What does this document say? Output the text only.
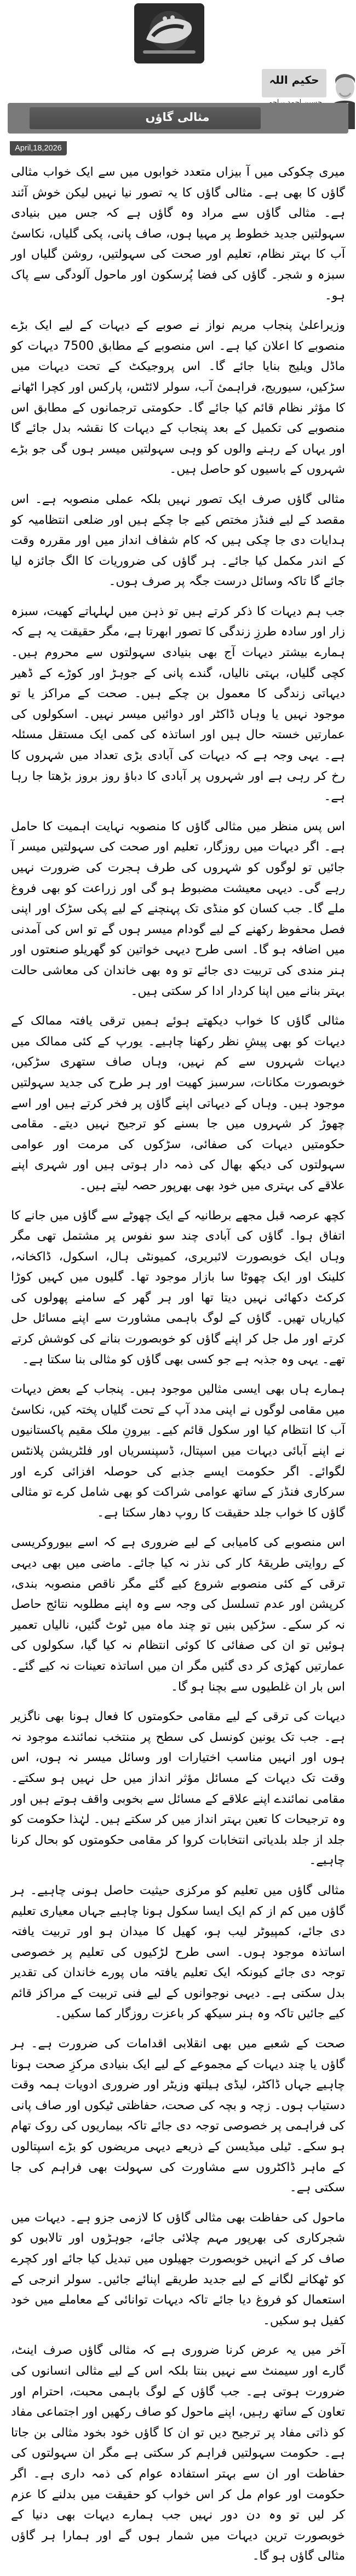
حکیم اللہ
مثالی گاؤں
April,18,2026

میری چکوکی میں آ بیزاں متعدد خوابوں میں سے ایک خواب مثالی گاؤں کا بھی ہے۔ مثالی گاؤں کا یہ تصور نیا نہیں لیکن خوش آئند ہے۔ مثالی گاؤں سے مراد وہ گاؤں ہے کہ جس میں بنیادی سہولتیں جدید خطوط پر مہیا ہوں، صاف پانی، پکی گلیاں، نکاسیٔ آب کا بہتر نظام، تعلیم اور صحت کی سہولتیں، روشن گلیاں اور سبزہ و شجر۔ گاؤں کی فضا پُرسکون اور ماحول آلودگی سے پاک ہو۔

وزیراعلیٰ پنجاب مریم نواز نے صوبے کے دیہات کے لیے ایک بڑے منصوبے کا اعلان کیا ہے۔ اس منصوبے کے مطابق 7500 دیہات کو ماڈل ویلیج بنایا جائے گا۔ اس پروجیکٹ کے تحت دیہات میں سڑکیں، سیوریج، فراہمیٔ آب، سولر لائٹس، پارکس اور کچرا اٹھانے کا مؤثر نظام قائم کیا جائے گا۔ حکومتی ترجمانوں کے مطابق اس منصوبے کی تکمیل کے بعد پنجاب کے دیہات کا نقشہ بدل جائے گا اور یہاں کے رہنے والوں کو وہی سہولتیں میسر ہوں گی جو بڑے شہروں کے باسیوں کو حاصل ہیں۔

مثالی گاؤں صرف ایک تصور نہیں بلکہ عملی منصوبہ ہے۔ اس مقصد کے لیے فنڈز مختص کیے جا چکے ہیں اور ضلعی انتظامیہ کو ہدایات دی جا چکی ہیں کہ کام شفاف انداز میں اور مقررہ وقت کے اندر مکمل کیا جائے۔ ہر گاؤں کی ضروریات کا الگ جائزہ لیا جائے گا تاکہ وسائل درست جگہ پر صرف ہوں۔

جب ہم دیہات کا ذکر کرتے ہیں تو ذہن میں لہلہاتے کھیت، سبزہ زار اور سادہ طرزِ زندگی کا تصور ابھرتا ہے، مگر حقیقت یہ ہے کہ ہمارے بیشتر دیہات آج بھی بنیادی سہولتوں سے محروم ہیں۔ کچی گلیاں، بہتی نالیاں، گندے پانی کے جوہڑ اور کوڑے کے ڈھیر دیہاتی زندگی کا معمول بن چکے ہیں۔ صحت کے مراکز یا تو موجود نہیں یا وہاں ڈاکٹر اور دوائیں میسر نہیں۔ اسکولوں کی عمارتیں خستہ حال ہیں اور اساتذہ کی کمی ایک مستقل مسئلہ ہے۔ یہی وجہ ہے کہ دیہات کی آبادی بڑی تعداد میں شہروں کا رخ کر رہی ہے اور شہروں پر آبادی کا دباؤ روز بروز بڑھتا جا رہا ہے۔

اس پس منظر میں مثالی گاؤں کا منصوبہ نہایت اہمیت کا حامل ہے۔ اگر دیہات میں روزگار، تعلیم اور صحت کی سہولتیں میسر آ جائیں تو لوگوں کو شہروں کی طرف ہجرت کی ضرورت نہیں رہے گی۔ دیہی معیشت مضبوط ہو گی اور زراعت کو بھی فروغ ملے گا۔ جب کسان کو منڈی تک پہنچنے کے لیے پکی سڑک اور اپنی فصل محفوظ رکھنے کے لیے گودام میسر ہوں گے تو اس کی آمدنی میں اضافہ ہو گا۔ اسی طرح دیہی خواتین کو گھریلو صنعتوں اور ہنر مندی کی تربیت دی جائے تو وہ بھی خاندان کی معاشی حالت بہتر بنانے میں اپنا کردار ادا کر سکتی ہیں۔

مثالی گاؤں کا خواب دیکھتے ہوئے ہمیں ترقی یافتہ ممالک کے دیہات کو بھی پیشِ نظر رکھنا چاہیے۔ یورپ کے کئی ممالک میں دیہات شہروں سے کم نہیں، وہاں صاف ستھری سڑکیں، خوبصورت مکانات، سرسبز کھیت اور ہر طرح کی جدید سہولتیں موجود ہیں۔ وہاں کے دیہاتی اپنے گاؤں پر فخر کرتے ہیں اور اسے چھوڑ کر شہروں میں جا بسنے کو ترجیح نہیں دیتے۔ مقامی حکومتیں دیہات کی صفائی، سڑکوں کی مرمت اور عوامی سہولتوں کی دیکھ بھال کی ذمہ دار ہوتی ہیں اور شہری اپنے علاقے کی بہتری میں خود بھی بھرپور حصہ لیتے ہیں۔

کچھ عرصہ قبل مجھے برطانیہ کے ایک چھوٹے سے گاؤں میں جانے کا اتفاق ہوا۔ گاؤں کی آبادی چند سو نفوس پر مشتمل تھی مگر وہاں ایک خوبصورت لائبریری، کمیونٹی ہال، اسکول، ڈاکخانہ، کلینک اور ایک چھوٹا سا بازار موجود تھا۔ گلیوں میں کہیں کوڑا کرکٹ دکھائی نہیں دیتا تھا اور ہر گھر کے سامنے پھولوں کی کیاریاں تھیں۔ گاؤں کے لوگ باہمی مشاورت سے اپنے مسائل حل کرتے اور مل جل کر اپنے گاؤں کو خوبصورت بنانے کی کوشش کرتے تھے۔ یہی وہ جذبہ ہے جو کسی بھی گاؤں کو مثالی بنا سکتا ہے۔

ہمارے ہاں بھی ایسی مثالیں موجود ہیں۔ پنجاب کے بعض دیہات میں مقامی لوگوں نے اپنی مدد آپ کے تحت گلیاں پختہ کیں، نکاسیٔ آب کا انتظام کیا اور سکول قائم کیے۔ بیرونِ ملک مقیم پاکستانیوں نے اپنے آبائی دیہات میں اسپتال، ڈسپنسریاں اور فلٹریشن پلانٹس لگوائے۔ اگر حکومت ایسے جذبے کی حوصلہ افزائی کرے اور سرکاری فنڈز کے ساتھ عوامی شراکت کو بھی شامل کرے تو مثالی گاؤں کا خواب جلد حقیقت کا روپ دھار سکتا ہے۔

اس منصوبے کی کامیابی کے لیے ضروری ہے کہ اسے بیوروکریسی کے روایتی طریقۂ کار کی نذر نہ کیا جائے۔ ماضی میں بھی دیہی ترقی کے کئی منصوبے شروع کیے گئے مگر ناقص منصوبہ بندی، کرپشن اور عدم تسلسل کی وجہ سے وہ اپنے مطلوبہ نتائج حاصل نہ کر سکے۔ سڑکیں بنیں تو چند ماہ میں ٹوٹ گئیں، نالیاں تعمیر ہوئیں تو ان کی صفائی کا کوئی انتظام نہ کیا گیا، سکولوں کی عمارتیں کھڑی کر دی گئیں مگر ان میں اساتذہ تعینات نہ کیے گئے۔ اس بار ان غلطیوں سے بچنا ہو گا۔

دیہات کی ترقی کے لیے مقامی حکومتوں کا فعال ہونا بھی ناگزیر ہے۔ جب تک یونین کونسل کی سطح پر منتخب نمائندے موجود نہ ہوں اور انہیں مناسب اختیارات اور وسائل میسر نہ ہوں، اس وقت تک دیہات کے مسائل مؤثر انداز میں حل نہیں ہو سکتے۔ مقامی نمائندے اپنے علاقے کے مسائل سے بخوبی واقف ہوتے ہیں اور وہ ترجیحات کا تعین بہتر انداز میں کر سکتے ہیں۔ لہٰذا حکومت کو جلد از جلد بلدیاتی انتخابات کروا کر مقامی حکومتوں کو بحال کرنا چاہیے۔

مثالی گاؤں میں تعلیم کو مرکزی حیثیت حاصل ہونی چاہیے۔ ہر گاؤں میں کم از کم ایک ایسا سکول ہونا چاہیے جہاں معیاری تعلیم دی جائے، کمپیوٹر لیب ہو، کھیل کا میدان ہو اور تربیت یافتہ اساتذہ موجود ہوں۔ اسی طرح لڑکیوں کی تعلیم پر خصوصی توجہ دی جائے کیونکہ ایک تعلیم یافتہ ماں پورے خاندان کی تقدیر بدل سکتی ہے۔ دیہی نوجوانوں کے لیے فنی تربیت کے مراکز قائم کیے جائیں تاکہ وہ ہنر سیکھ کر باعزت روزگار کما سکیں۔

صحت کے شعبے میں بھی انقلابی اقدامات کی ضرورت ہے۔ ہر گاؤں یا چند دیہات کے مجموعے کے لیے ایک بنیادی مرکزِ صحت ہونا چاہیے جہاں ڈاکٹر، لیڈی ہیلتھ وزیٹر اور ضروری ادویات ہمہ وقت دستیاب ہوں۔ زچہ و بچہ کی صحت، حفاظتی ٹیکوں اور صاف پانی کی فراہمی پر خصوصی توجہ دی جائے تاکہ بیماریوں کی روک تھام ہو سکے۔ ٹیلی میڈیسن کے ذریعے دیہی مریضوں کو بڑے اسپتالوں کے ماہر ڈاکٹروں سے مشاورت کی سہولت بھی فراہم کی جا سکتی ہے۔

ماحول کی حفاظت بھی مثالی گاؤں کا لازمی جزو ہے۔ دیہات میں شجرکاری کی بھرپور مہم چلائی جائے، جوہڑوں اور تالابوں کو صاف کر کے انہیں خوبصورت جھیلوں میں تبدیل کیا جائے اور کچرے کو ٹھکانے لگانے کے لیے جدید طریقے اپنائے جائیں۔ سولر انرجی کے استعمال کو فروغ دیا جائے تاکہ دیہات توانائی کے معاملے میں خود کفیل ہو سکیں۔

آخر میں یہ عرض کرنا ضروری ہے کہ مثالی گاؤں صرف اینٹ، گارے اور سیمنٹ سے نہیں بنتا بلکہ اس کے لیے مثالی انسانوں کی ضرورت ہوتی ہے۔ جب گاؤں کے لوگ باہمی محبت، احترام اور تعاون کے ساتھ رہیں، اپنے ماحول کو صاف رکھیں اور اجتماعی مفاد کو ذاتی مفاد پر ترجیح دیں تو ان کا گاؤں خود بخود مثالی بن جاتا ہے۔ حکومت سہولتیں فراہم کر سکتی ہے مگر ان سہولتوں کی حفاظت اور ان سے بہتر استفادہ عوام کی ذمہ داری ہے۔ اگر حکومت اور عوام مل کر اس خواب کو حقیقت میں بدلنے کا عزم کر لیں تو وہ دن دور نہیں جب ہمارے دیہات بھی دنیا کے خوبصورت ترین دیہات میں شمار ہوں گے اور ہمارا ہر گاؤں مثالی گاؤں ہو گا۔
